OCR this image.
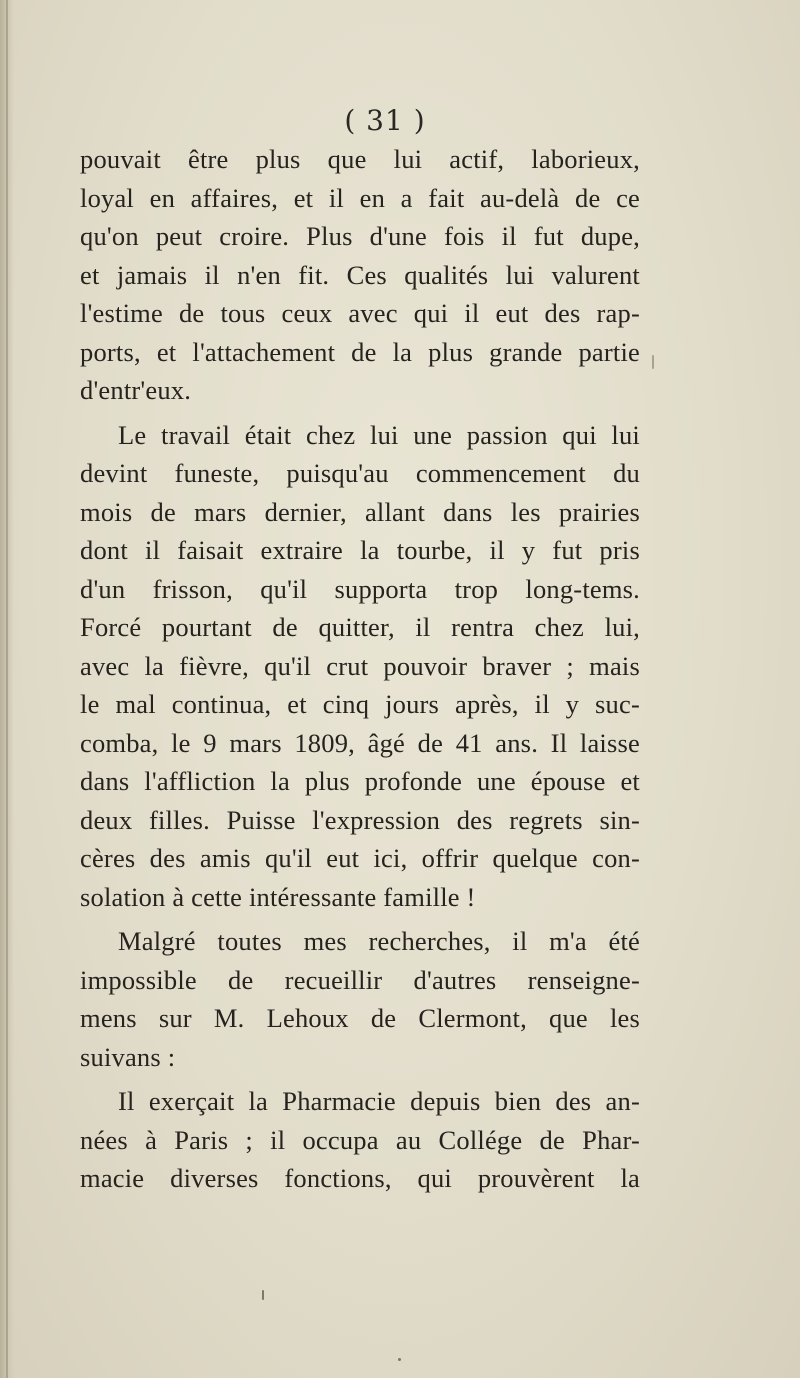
( 31 )
pouvait être plus que lui actif, laborieux,
loyal en affaires, et il en a fait au-delà de ce
qu'on peut croire. Plus d'une fois il fut dupe,
et jamais il n'en fit. Ces qualités lui valurent
l'estime de tous ceux avec qui il eut des rap-
ports, et l'attachement de la plus grande partie
d'entr'eux.
Le travail était chez lui une passion qui lui
devint funeste, puisqu'au commencement du
mois de mars dernier, allant dans les prairies
dont il faisait extraire la tourbe, il y fut pris
d'un frisson, qu'il supporta trop long-tems.
Forcé pourtant de quitter, il rentra chez lui,
avec la fièvre, qu'il crut pouvoir braver ; mais
le mal continua, et cinq jours après, il y suc-
comba, le 9 mars 1809, âgé de 41 ans. Il laisse
dans l'affliction la plus profonde une épouse et
deux filles. Puisse l'expression des regrets sin-
cères des amis qu'il eut ici, offrir quelque con-
solation à cette intéressante famille !
Malgré toutes mes recherches, il m'a été
impossible de recueillir d'autres renseigne-
mens sur M. Lehoux de Clermont, que les
suivans :
Il exerçait la Pharmacie depuis bien des an-
nées à Paris ; il occupa au Collége de Phar-
macie diverses fonctions, qui prouvèrent la
